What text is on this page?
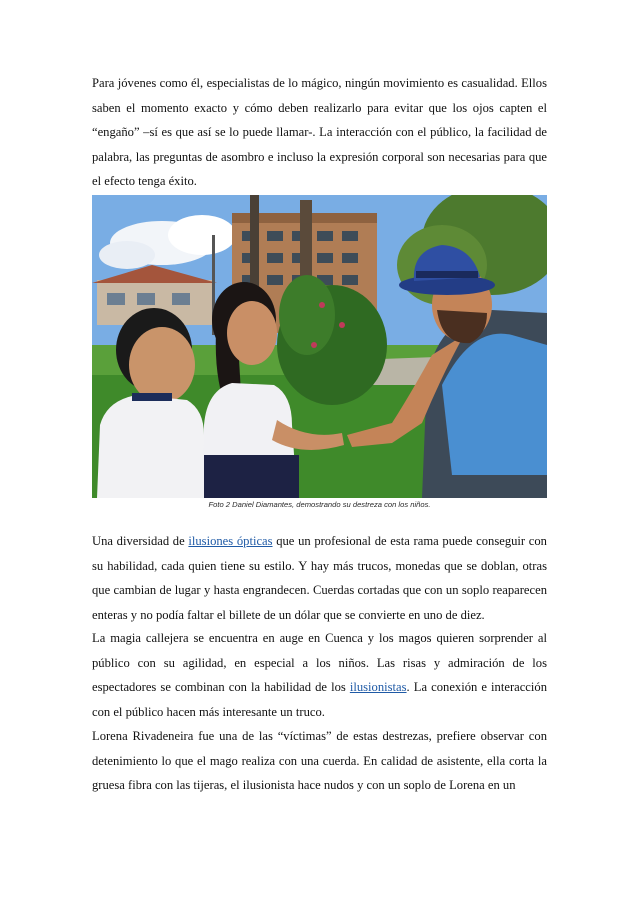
Para jóvenes como él, especialistas de lo mágico, ningún movimiento es casualidad. Ellos saben el momento exacto y cómo deben realizarlo para evitar que los ojos capten el “engaño” –sí es que así se lo puede llamar-. La interacción con el público, la facilidad de palabra, las preguntas de asombro e incluso la expresión corporal son necesarias para que el efecto tenga éxito.

Foto 2 Daniel Diamantes, demostrando su destreza con los niños.

Una diversidad de ilusiones ópticas que un profesional de esta rama puede conseguir con su habilidad, cada quien tiene su estilo. Y hay más trucos, monedas que se doblan, otras que cambian de lugar y hasta engrandecen. Cuerdas cortadas que con un soplo reaparecen enteras y no podía faltar el billete de un dólar que se convierte en uno de diez.

La magia callejera se encuentra en auge en Cuenca y los magos quieren sorprender al público con su agilidad, en especial a los niños. Las risas y admiración de los espectadores se combinan con la habilidad de los ilusionistas. La conexión e interacción con el público hacen más interesante un truco.

Lorena Rivadeneira fue una de las “víctimas” de estas destrezas, prefiere observar con detenimiento lo que el mago realiza con una cuerda. En calidad de asistente, ella corta la gruesa fibra con las tijeras, el ilusionista hace nudos y con un soplo de Lorena en un
